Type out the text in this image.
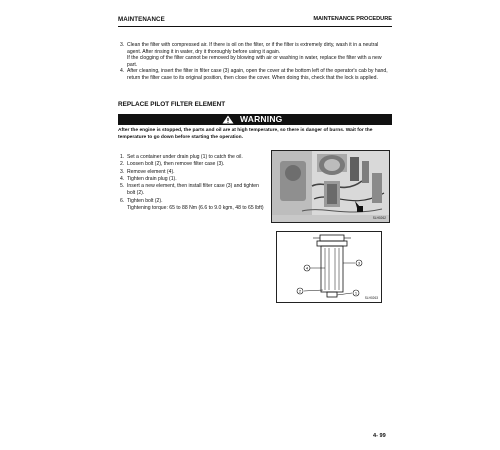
MAINTENANCE	MAINTENANCE PROCEDURE
3. Clean the filter with compressed air. If there is oil on the filter, or if the filter is extremely dirty, wash it in a neutral agent. After rinsing it in water, dry it thoroughly before using it again.
If the clogging of the filter cannot be removed by blowing with air or washing in water, replace the filter with a new part.
4. After cleaning, insert the filter in filter case (3) again, open the cover at the bottom left of the operator's cab by hand, return the filter case to its original position, then close the cover. When doing this, check that the lock is applied.
REPLACE PILOT FILTER ELEMENT
WARNING
After the engine is stopped, the parts and oil are at high temperature, so there is danger of burns. Wait for the temperature to go down before starting the operation.
1. Set a container under drain plug (1) to catch the oil.
2. Loosen bolt (2), then remove filter case (3).
3. Remove element (4).
4. Tighten drain plug (1).
5. Insert a new element, then install filter case (3) and tighten bolt (2).
6. Tighten bolt (2).
Tightening torque: 65 to 88 Nm (6.6 to 9.0 kgm, 48 to 65 lbft)
SLH0262
4
3
2	1
SLH0263
4- 99
